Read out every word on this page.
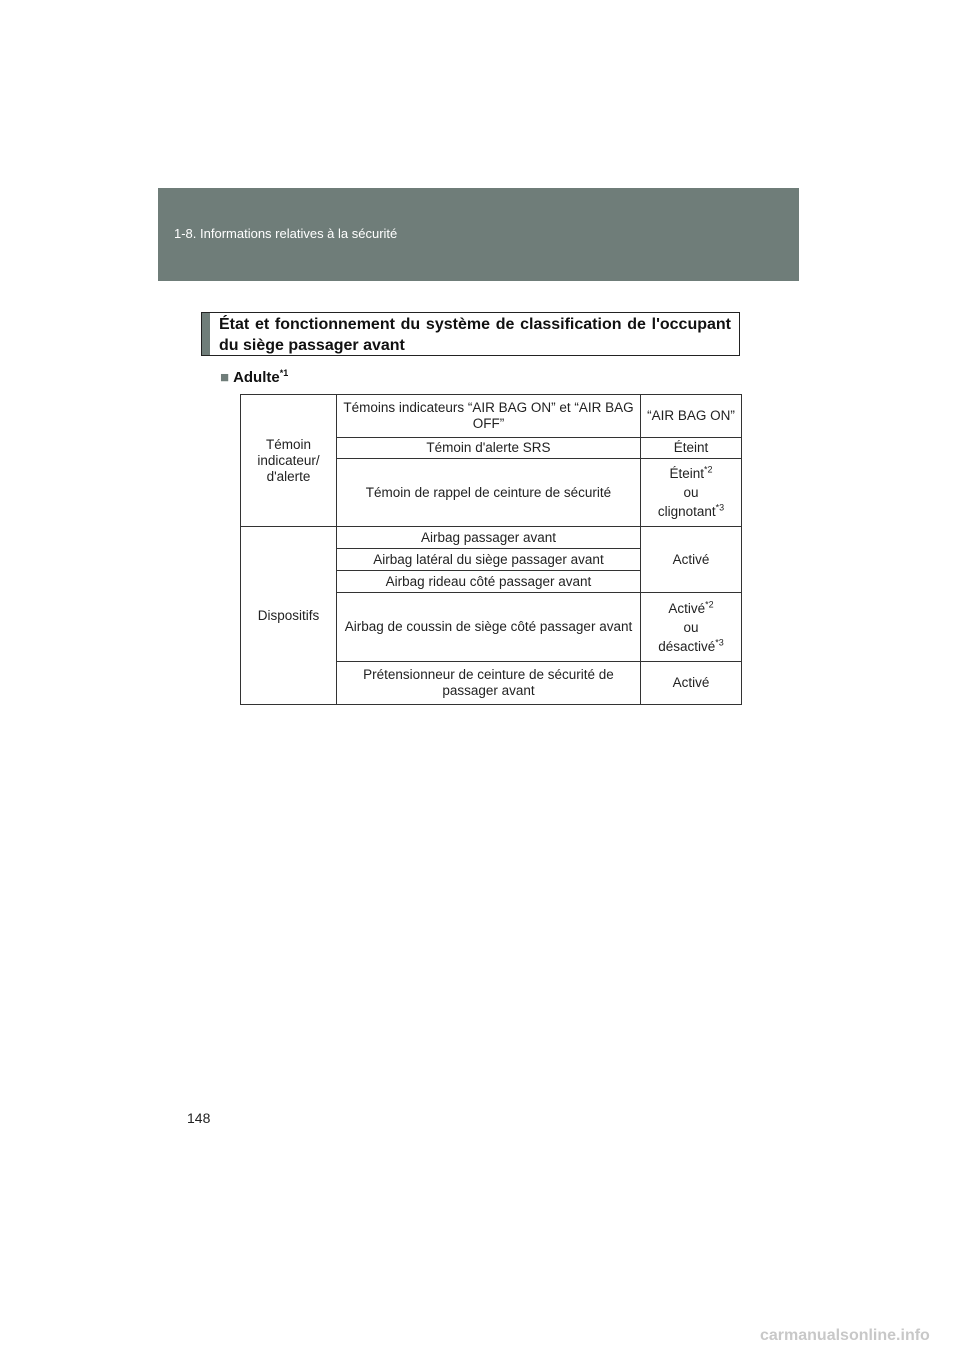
1-8. Informations relatives à la sécurité
État et fonctionnement du système de classification de l'occupant du siège passager avant
■ Adulte$^{*1}$
Témoin indicateur/ d'alerte	Témoins indicateurs “AIR BAG ON” et “AIR BAG OFF”	“AIR BAG ON”
	Témoin d'alerte SRS	Éteint
	Témoin de rappel de ceinture de sécurité	Éteint$^{*2}$
ou
clignotant$^{*3}$
Dispositifs	Airbag passager avant	Activé
	Airbag latéral du siège passager avant	
	Airbag rideau côté passager avant	
	Airbag de coussin de siège côté passager avant	Activé$^{*2}$
ou
désactivé$^{*3}$
	Prétensionneur de ceinture de sécurité de passager avant	Activé
148
carmanualsonline.info
